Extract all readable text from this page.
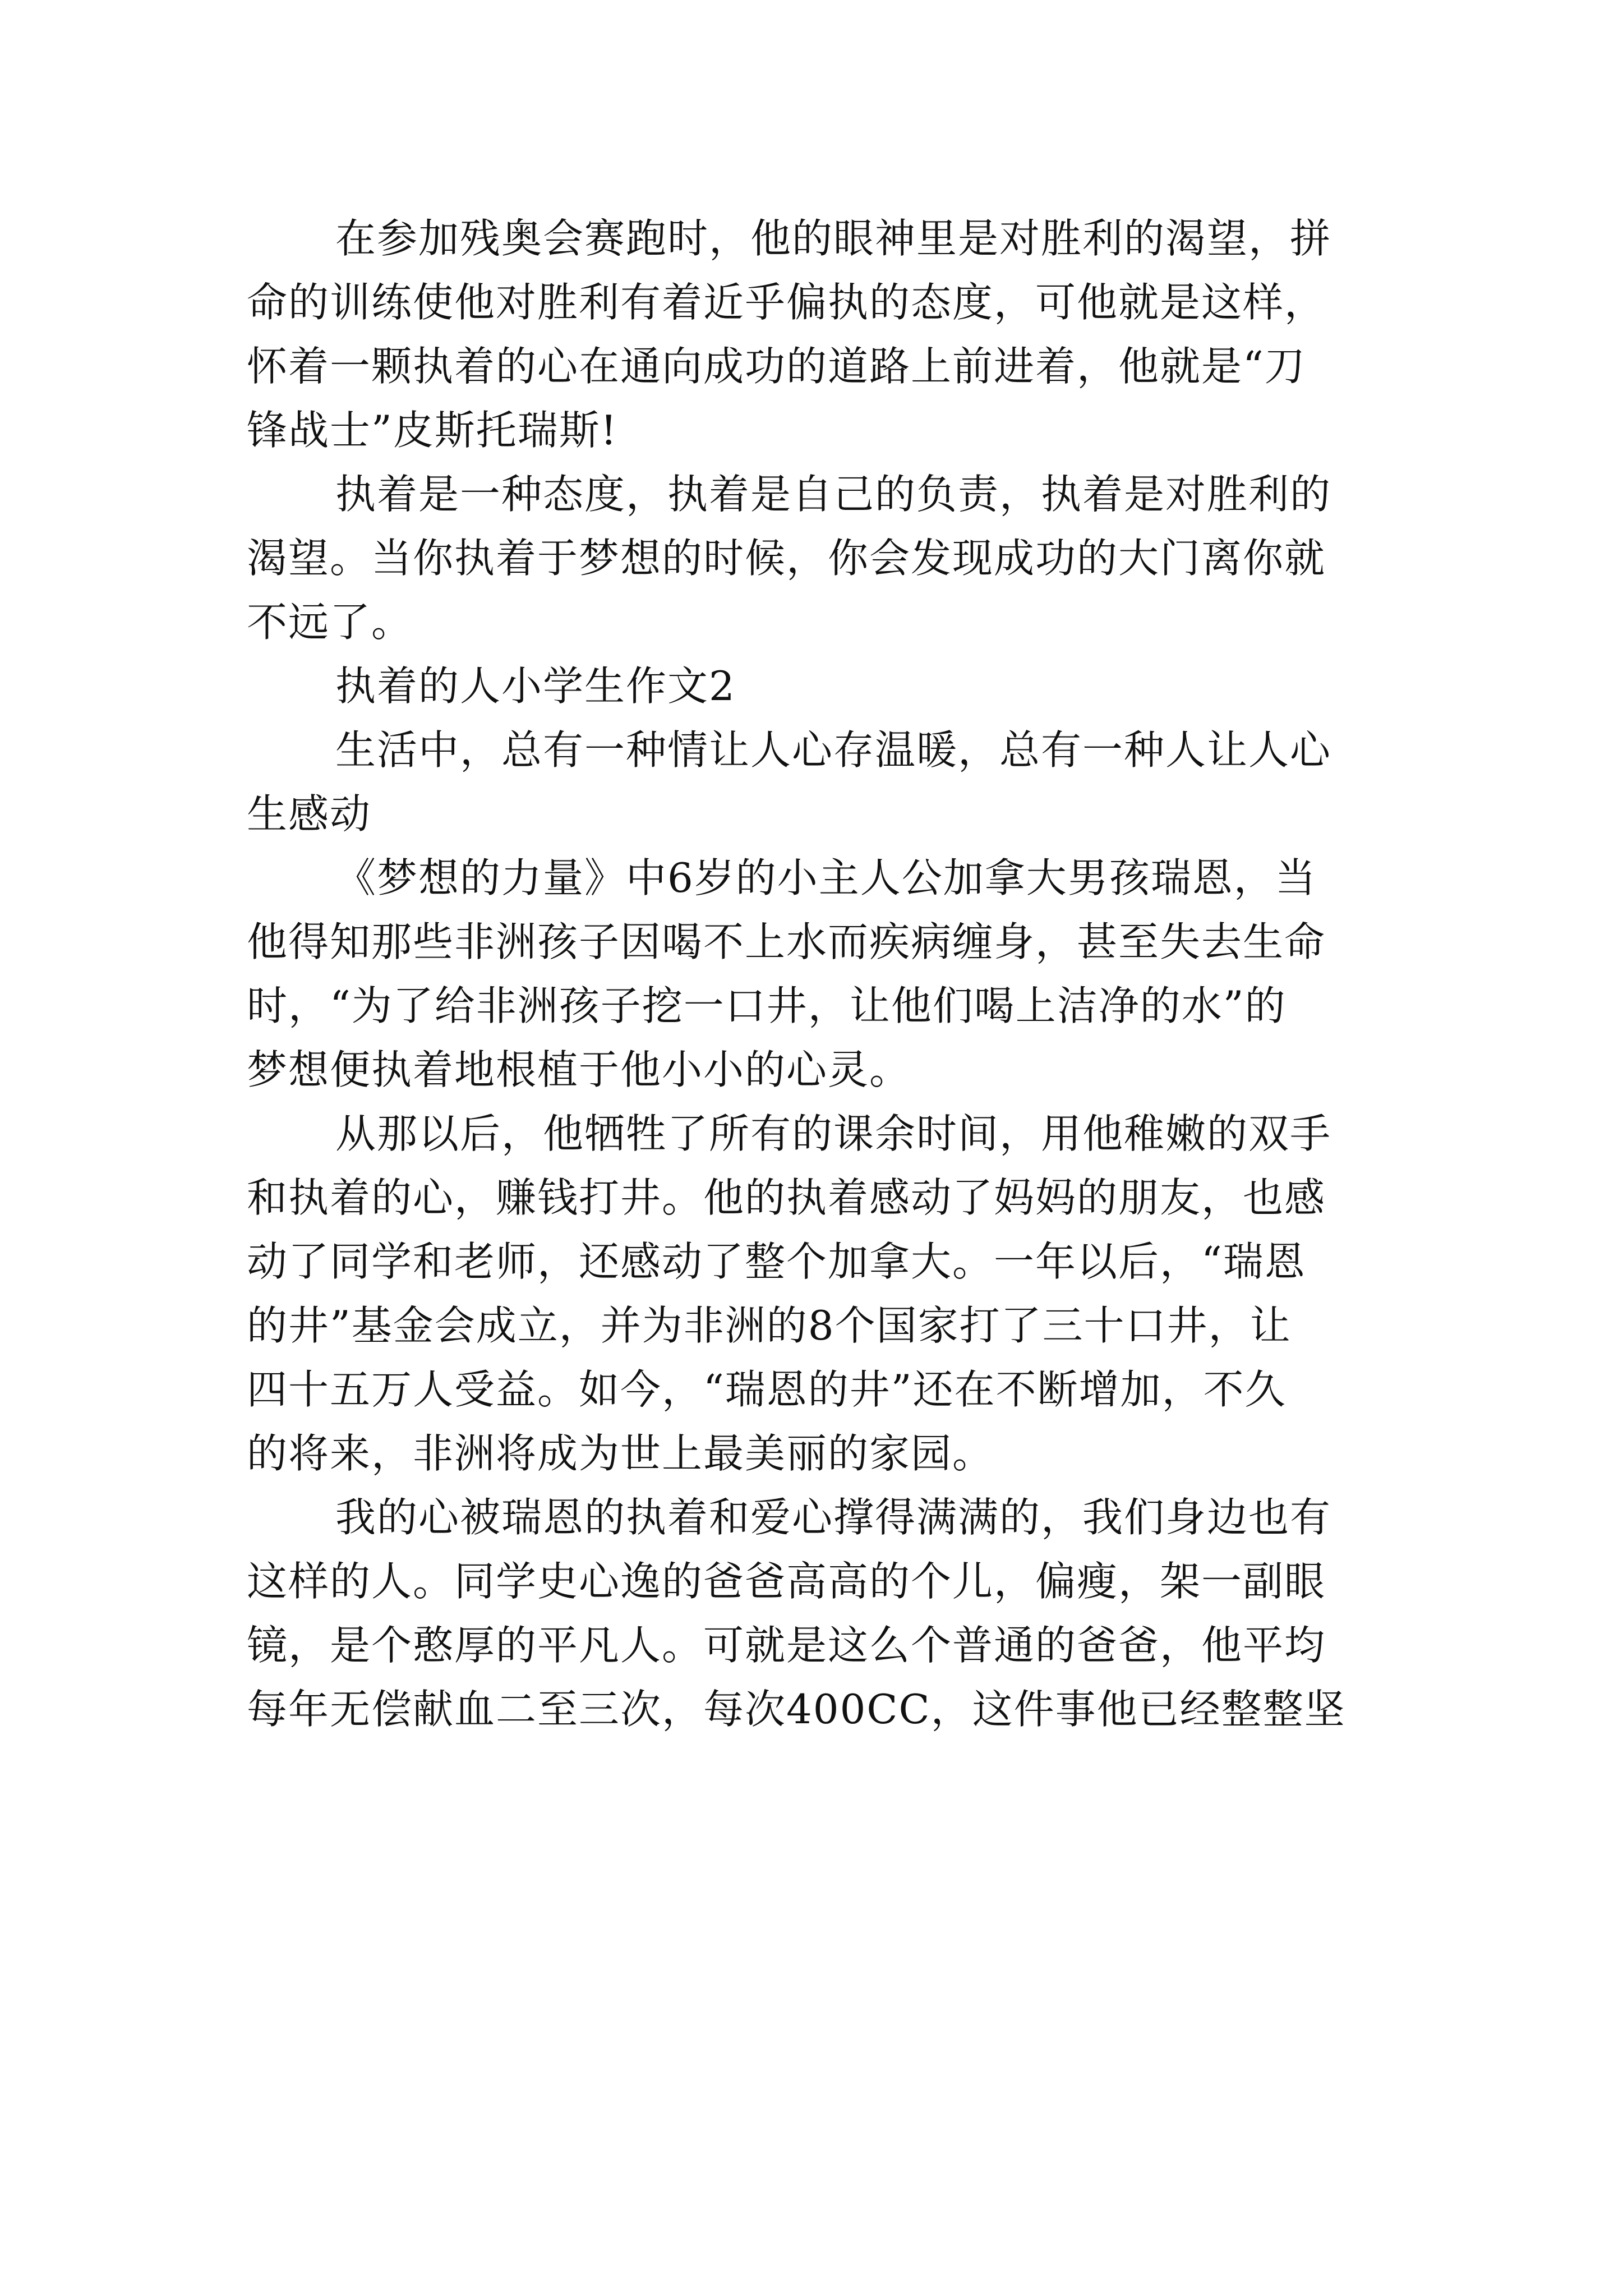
在参加残奥会赛跑时，他的眼神里是对胜利的渴望，拼
命的训练使他对胜利有着近乎偏执的态度，可他就是这样，
怀着一颗执着的心在通向成功的道路上前进着，他就是“刀
锋战士”皮斯托瑞斯!
执着是一种态度，执着是自己的负责，执着是对胜利的
渴望。当你执着于梦想的时候，你会发现成功的大门离你就
不远了。
执着的人小学生作文2
生活中，总有一种情让人心存温暖，总有一种人让人心
生感动
《梦想的力量》中6岁的小主人公加拿大男孩瑞恩，当
他得知那些非洲孩子因喝不上水而疾病缠身，甚至失去生命
时，“为了给非洲孩子挖一口井，让他们喝上洁净的水”的
梦想便执着地根植于他小小的心灵。
从那以后，他牺牲了所有的课余时间，用他稚嫩的双手
和执着的心，赚钱打井。他的执着感动了妈妈的朋友，也感
动了同学和老师，还感动了整个加拿大。一年以后，“瑞恩
的井”基金会成立，并为非洲的8个国家打了三十口井，让
四十五万人受益。如今，“瑞恩的井”还在不断增加，不久
的将来，非洲将成为世上最美丽的家园。
我的心被瑞恩的执着和爱心撑得满满的，我们身边也有
这样的人。同学史心逸的爸爸高高的个儿，偏瘦，架一副眼
镜，是个憨厚的平凡人。可就是这么个普通的爸爸，他平均
每年无偿献血二至三次，每次400CC，这件事他已经整整坚
